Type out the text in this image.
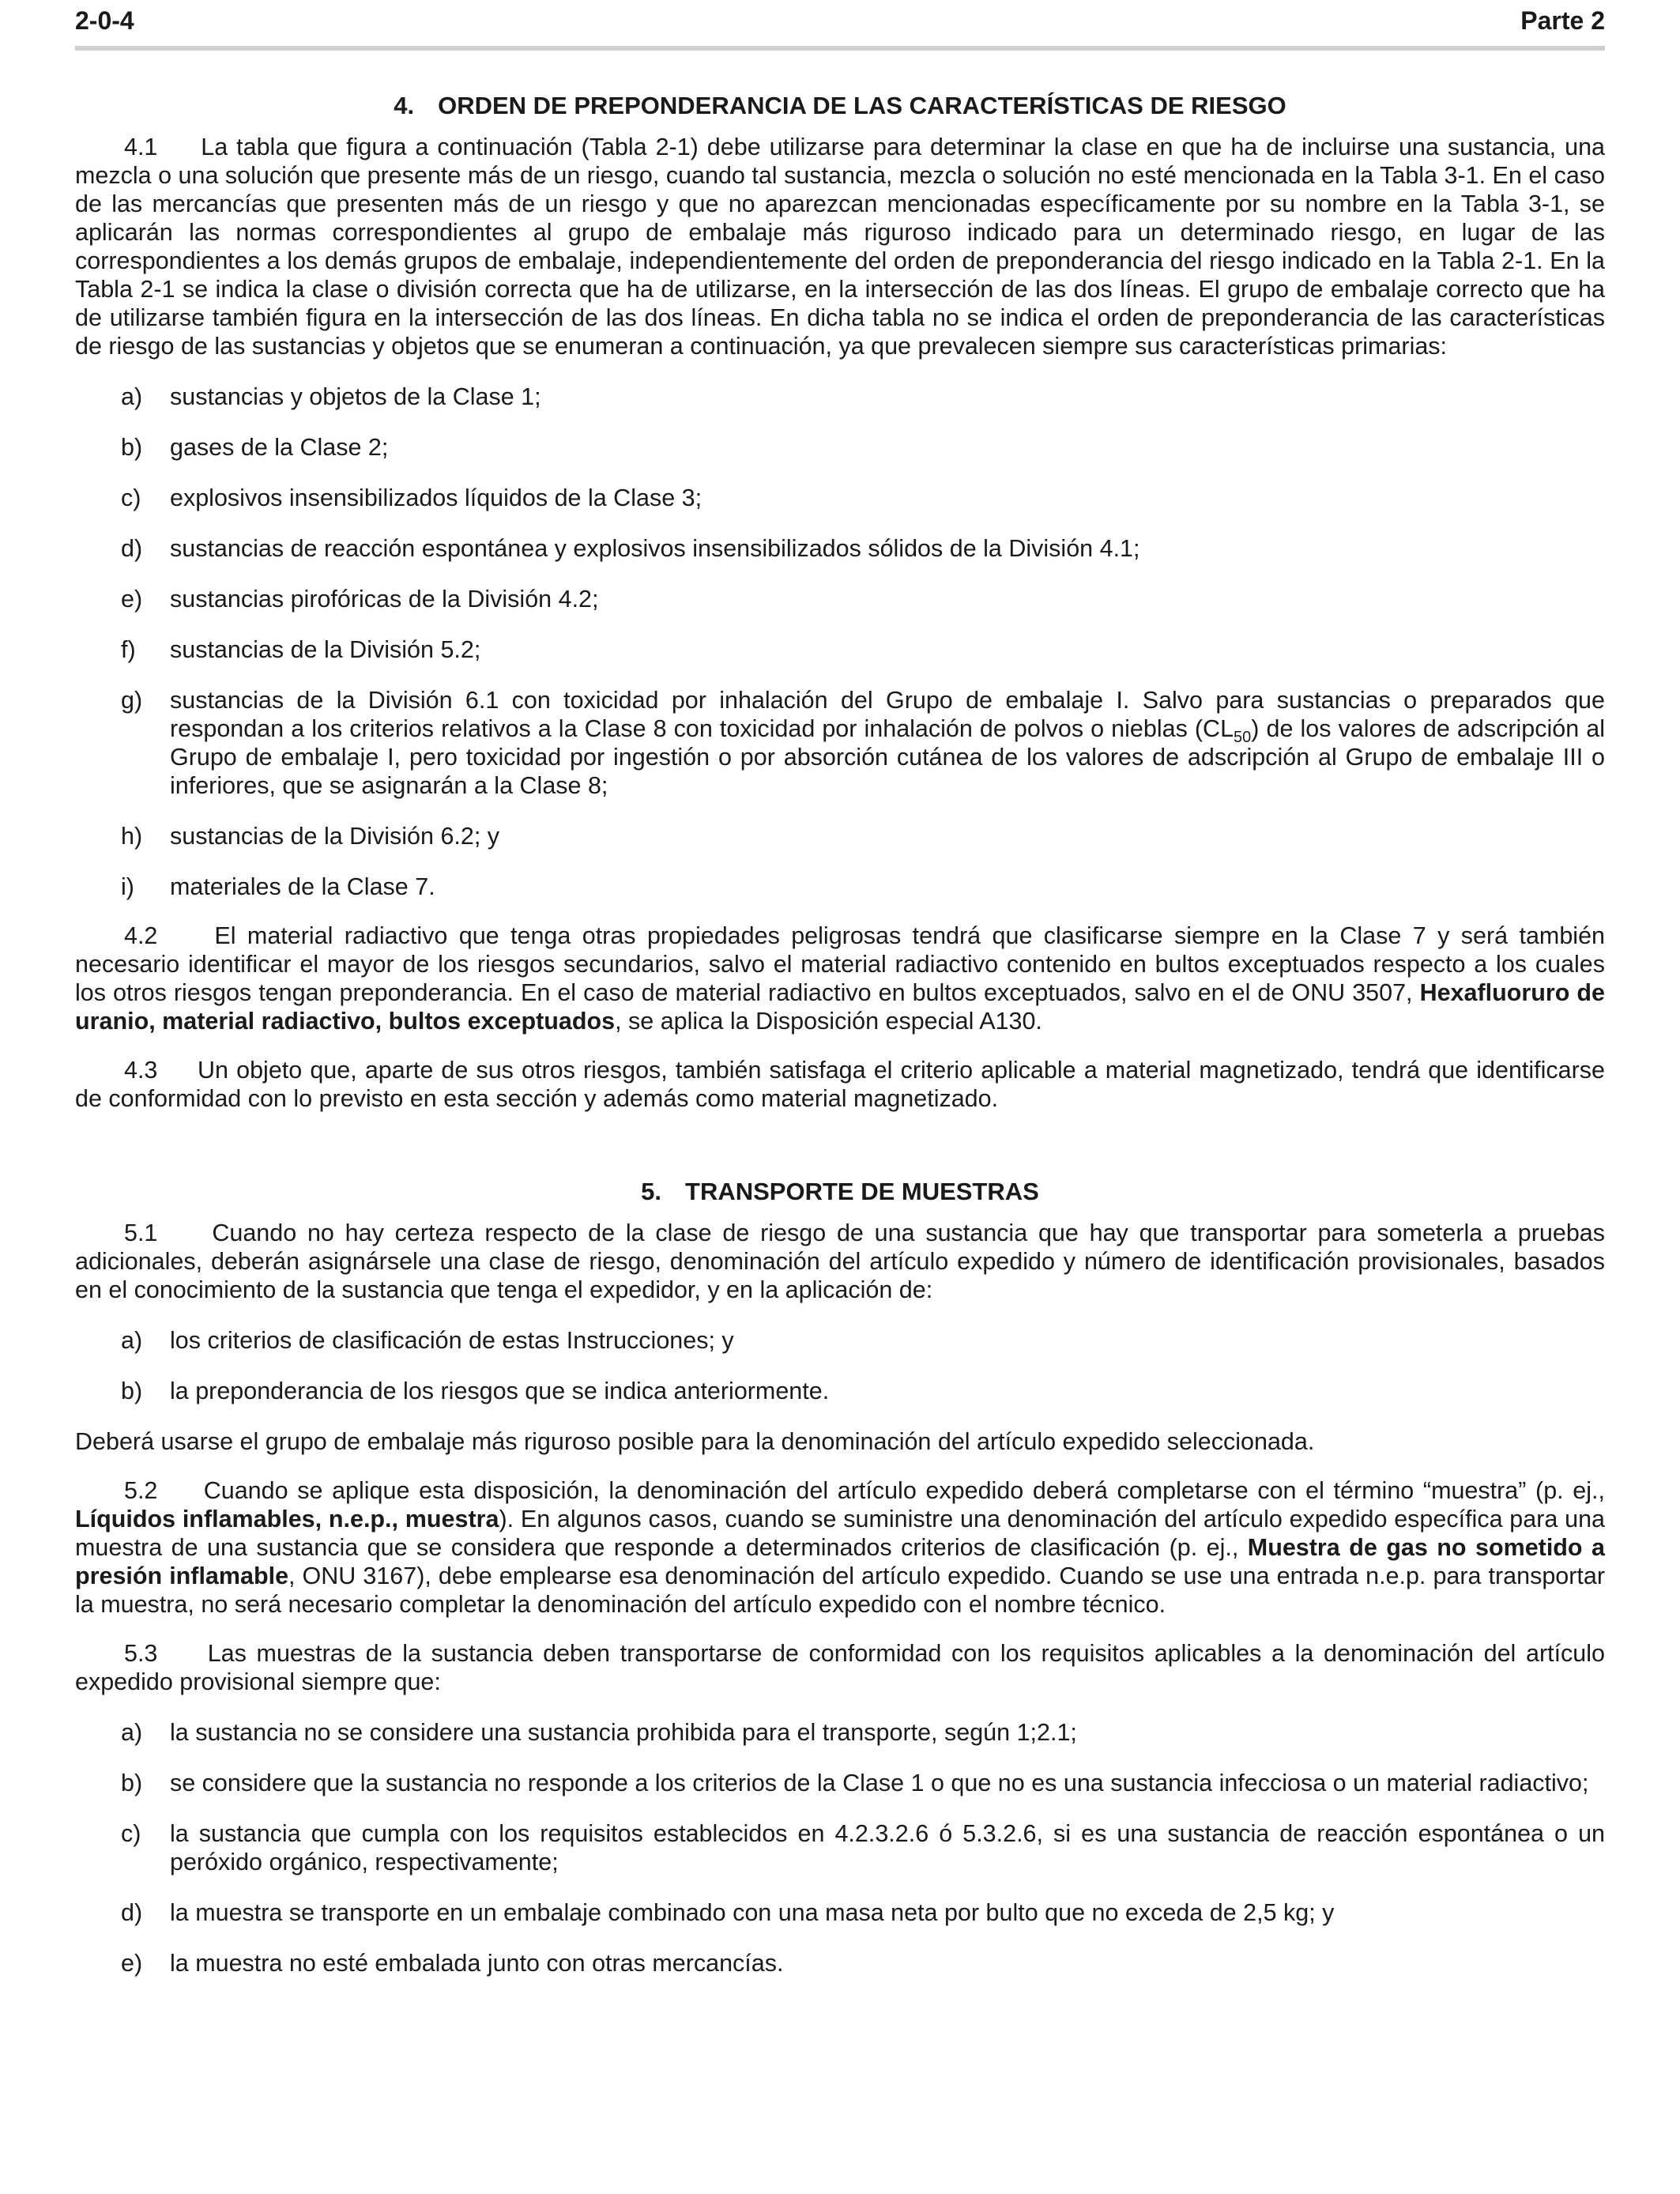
2-0-4	Parte 2
4. ORDEN DE PREPONDERANCIA DE LAS CARACTERÍSTICAS DE RIESGO

4.1 La tabla que figura a continuación (Tabla 2-1) debe utilizarse para determinar la clase en que ha de incluirse una sustancia, una mezcla o una solución que presente más de un riesgo, cuando tal sustancia, mezcla o solución no esté mencionada en la Tabla 3-1. En el caso de las mercancías que presenten más de un riesgo y que no aparezcan mencionadas específicamente por su nombre en la Tabla 3-1, se aplicarán las normas correspondientes al grupo de embalaje más riguroso indicado para un determinado riesgo, en lugar de las correspondientes a los demás grupos de embalaje, independientemente del orden de preponderancia del riesgo indicado en la Tabla 2-1. En la Tabla 2-1 se indica la clase o división correcta que ha de utilizarse, en la intersección de las dos líneas. El grupo de embalaje correcto que ha de utilizarse también figura en la intersección de las dos líneas. En dicha tabla no se indica el orden de preponderancia de las características de riesgo de las sustancias y objetos que se enumeran a continuación, ya que prevalecen siempre sus características primarias:

a) sustancias y objetos de la Clase 1;
b) gases de la Clase 2;
c) explosivos insensibilizados líquidos de la Clase 3;
d) sustancias de reacción espontánea y explosivos insensibilizados sólidos de la División 4.1;
e) sustancias pirofóricas de la División 4.2;
f) sustancias de la División 5.2;
g) sustancias de la División 6.1 con toxicidad por inhalación del Grupo de embalaje I. Salvo para sustancias o preparados que respondan a los criterios relativos a la Clase 8 con toxicidad por inhalación de polvos o nieblas $(CL_{50})$ de los valores de adscripción al Grupo de embalaje I, pero toxicidad por ingestión o por absorción cutánea de los valores de adscripción al Grupo de embalaje III o inferiores, que se asignarán a la Clase 8;
h) sustancias de la División 6.2; y
i) materiales de la Clase 7.

4.2 El material radiactivo que tenga otras propiedades peligrosas tendrá que clasificarse siempre en la Clase 7 y será también necesario identificar el mayor de los riesgos secundarios, salvo el material radiactivo contenido en bultos exceptuados respecto a los cuales los otros riesgos tengan preponderancia. En el caso de material radiactivo en bultos exceptuados, salvo en el de ONU 3507, Hexafluoruro de uranio, material radiactivo, bultos exceptuados, se aplica la Disposición especial A130.

4.3 Un objeto que, aparte de sus otros riesgos, también satisfaga el criterio aplicable a material magnetizado, tendrá que identificarse de conformidad con lo previsto en esta sección y además como material magnetizado.

5. TRANSPORTE DE MUESTRAS

5.1 Cuando no hay certeza respecto de la clase de riesgo de una sustancia que hay que transportar para someterla a pruebas adicionales, deberán asignársele una clase de riesgo, denominación del artículo expedido y número de identificación provisionales, basados en el conocimiento de la sustancia que tenga el expedidor, y en la aplicación de:

a) los criterios de clasificación de estas Instrucciones; y
b) la preponderancia de los riesgos que se indica anteriormente.

Deberá usarse el grupo de embalaje más riguroso posible para la denominación del artículo expedido seleccionada.

5.2 Cuando se aplique esta disposición, la denominación del artículo expedido deberá completarse con el término “muestra” (p. ej., Líquidos inflamables, n.e.p., muestra). En algunos casos, cuando se suministre una denominación del artículo expedido específica para una muestra de una sustancia que se considera que responde a determinados criterios de clasificación (p. ej., Muestra de gas no sometido a presión inflamable, ONU 3167), debe emplearse esa denominación del artículo expedido. Cuando se use una entrada n.e.p. para transportar la muestra, no será necesario completar la denominación del artículo expedido con el nombre técnico.

5.3 Las muestras de la sustancia deben transportarse de conformidad con los requisitos aplicables a la denominación del artículo expedido provisional siempre que:

a) la sustancia no se considere una sustancia prohibida para el transporte, según 1;2.1;
b) se considere que la sustancia no responde a los criterios de la Clase 1 o que no es una sustancia infecciosa o un material radiactivo;
c) la sustancia que cumpla con los requisitos establecidos en 4.2.3.2.6 ó 5.3.2.6, si es una sustancia de reacción espontánea o un peróxido orgánico, respectivamente;
d) la muestra se transporte en un embalaje combinado con una masa neta por bulto que no exceda de 2,5 kg; y
e) la muestra no esté embalada junto con otras mercancías.
